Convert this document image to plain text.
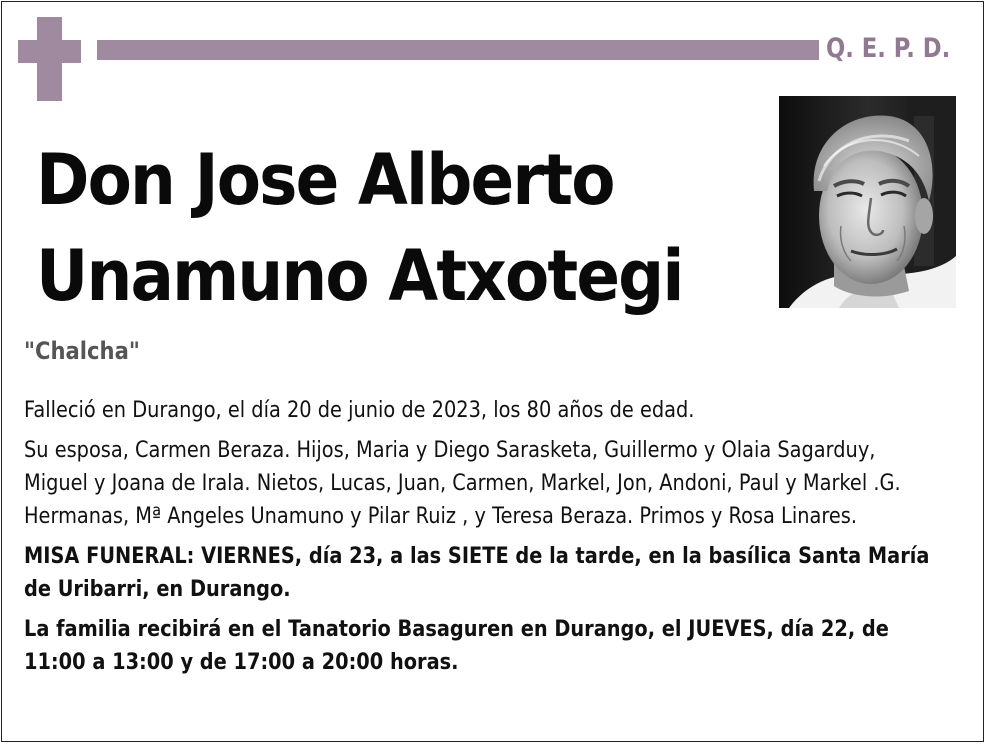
Q. E. P. D.
Don Jose Alberto
Unamuno Atxotegi
"Chalcha"

Falleció en Durango, el día 20 de junio de 2023, los 80 años de edad.

Su esposa, Carmen Beraza. Hijos, Maria y Diego Sarasketa, Guillermo y Olaia Sagarduy, Miguel y Joana de Irala. Nietos, Lucas, Juan, Carmen, Markel, Jon, Andoni, Paul y Markel .G. Hermanas, Mª Angeles Unamuno y Pilar Ruiz , y Teresa Beraza. Primos y Rosa Linares.

MISA FUNERAL: VIERNES, día 23, a las SIETE de la tarde, en la basílica Santa María de Uribarri, en Durango.

La familia recibirá en el Tanatorio Basaguren en Durango, el JUEVES, día 22, de 11:00 a 13:00 y de 17:00 a 20:00 horas.
